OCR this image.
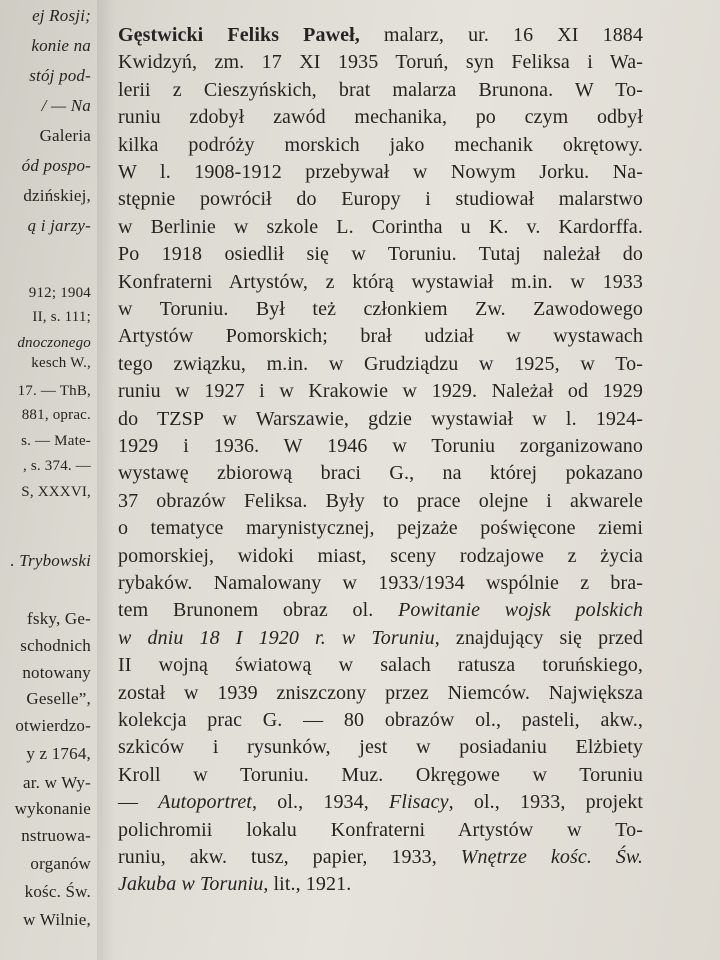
ej Rosji;
konie na
stój pod-
/ — Na
Galeria
ód pospo-
dzińskiej,
ą i jarzy-
912; 1904
II, s. 111;
dnoczonego
kesch W.,
17. — ThB,
881, oprac.
s. — Mate-
, s. 374. —
S, XXXVI,
. Trybowski
fsky, Ge-
schodnich
notowany
Geselle”,
otwierdzo-
y z 1764,
ar. w Wy-
wykonanie
nstruowa-
organów
kośc. Św.
w Wilnie,
Gęstwicki Feliks Paweł, malarz, ur. 16 XI 1884
Kwidzyń, zm. 17 XI 1935 Toruń, syn Feliksa i Wa-
lerii z Cieszyńskich, brat malarza Brunona. W To-
runiu zdobył zawód mechanika, po czym odbył
kilka podróży morskich jako mechanik okrętowy.
W l. 1908-1912 przebywał w Nowym Jorku. Na-
stępnie powrócił do Europy i studiował malarstwo
w Berlinie w szkole L. Corintha u K. v. Kardorffa.
Po 1918 osiedlił się w Toruniu. Tutaj należał do
Konfraterni Artystów, z którą wystawiał m.in. w 1933
w Toruniu. Był też członkiem Zw. Zawodowego
Artystów Pomorskich; brał udział w wystawach
tego związku, m.in. w Grudziądzu w 1925, w To-
runiu w 1927 i w Krakowie w 1929. Należał od 1929
do TZSP w Warszawie, gdzie wystawiał w l. 1924-
1929 i 1936. W 1946 w Toruniu zorganizowano
wystawę zbiorową braci G., na której pokazano
37 obrazów Feliksa. Były to prace olejne i akwarele
o tematyce marynistycznej, pejzaże poświęcone ziemi
pomorskiej, widoki miast, sceny rodzajowe z życia
rybaków. Namalowany w 1933/1934 wspólnie z bra-
tem Brunonem obraz ol. Powitanie wojsk polskich
w dniu 18 I 1920 r. w Toruniu, znajdujący się przed
II wojną światową w salach ratusza toruńskiego,
został w 1939 zniszczony przez Niemców. Największa
kolekcja prac G. — 80 obrazów ol., pasteli, akw.,
szkiców i rysunków, jest w posiadaniu Elżbiety
Kroll w Toruniu. Muz. Okręgowe w Toruniu
— Autoportret, ol., 1934, Flisacy, ol., 1933, projekt
polichromii lokalu Konfraterni Artystów w To-
runiu, akw. tusz, papier, 1933, Wnętrze kośc. Św.
Jakuba w Toruniu, lit., 1921.
